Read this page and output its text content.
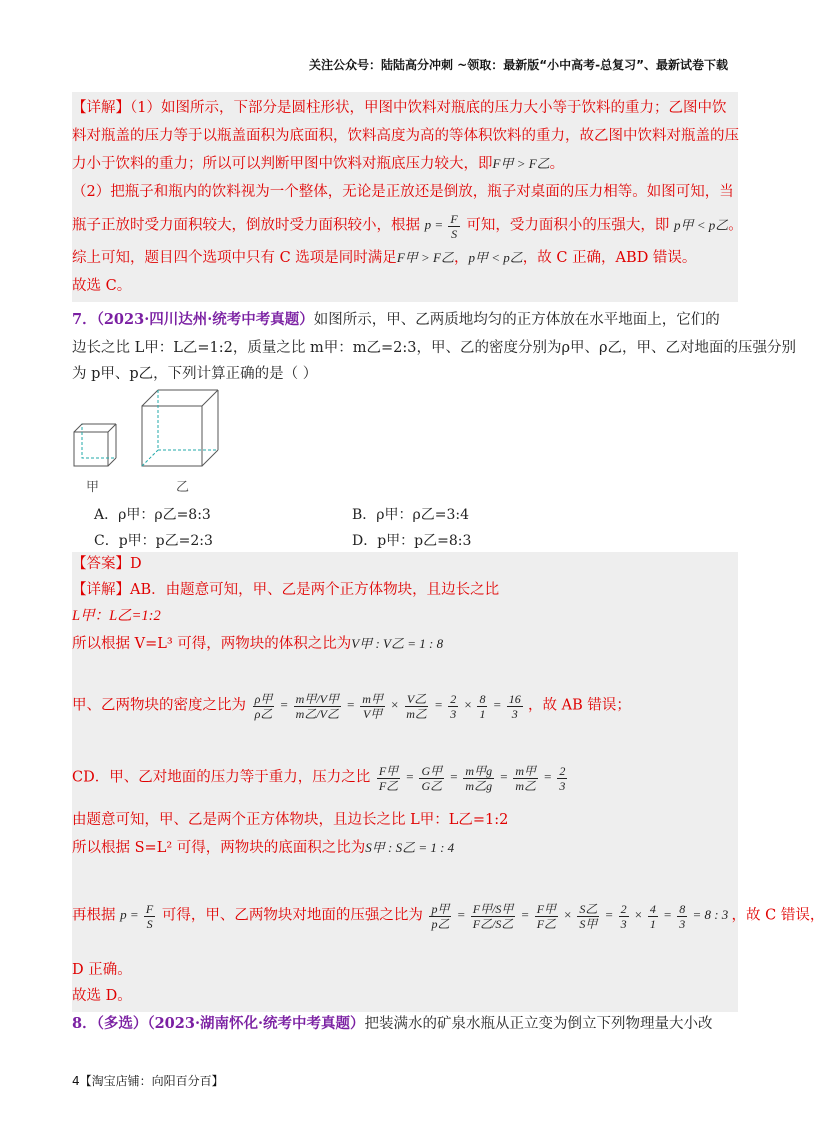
关注公众号：陆陆高分冲刺 ~领取：最新版“小中高考-总复习”、最新试卷下载
【详解】（1）如图所示，下部分是圆柱形状，甲图中饮料对瓶底的压力大小等于饮料的重力；乙图中饮
料对瓶盖的压力等于以瓶盖面积为底面积，饮料高度为高的等体积饮料的重力，故乙图中饮料对瓶盖的压
力小于饮料的重力；所以可以判断甲图中饮料对瓶底压力较大，即F甲 > F乙。
（2）把瓶子和瓶内的饮料视为一个整体，无论是正放还是倒放，瓶子对桌面的压力相等。如图可知，当
瓶子正放时受力面积较大，倒放时受力面积较小，根据 $p = \frac{F}{S}$ 可知，受力面积小的压强大，即 p甲 < p乙。
综上可知，题目四个选项中只有 C 选项是同时满足F甲 > F乙，p甲 < p乙，故 C 正确，ABD 错误。
故选 C。
7．（2023·四川达州·统考中考真题）如图所示，甲、乙两质地均匀的正方体放在水平地面上，它们的
边长之比 L甲：L乙=1:2，质量之比 m甲：m乙=2:3，甲、乙的密度分别为ρ甲、ρ乙，甲、乙对地面的压强分别
为 p甲、p乙，下列计算正确的是（ ）
甲	乙
A．ρ甲：ρ乙=8:3	B．ρ甲：ρ乙=3:4
C．p甲：p乙=2:3	D．p甲：p乙=8:3
【答案】D
【详解】AB．由题意可知，甲、乙是两个正方体物块，且边长之比
L甲：L乙=1:2
所以根据 V=L³ 可得，两物块的体积之比为V甲 : V乙 = 1 : 8
甲、乙两物块的密度之比为 $\frac{\text{ρ甲}}{\text{ρ乙}} = \frac{\text{m甲/V甲}}{\text{m乙/V乙}} = \frac{\text{m甲}}{\text{V甲}} \times \frac{\text{V乙}}{\text{m乙}} = \frac{2}{3} \times \frac{8}{1} = \frac{16}{3}$ ，故 AB 错误；
CD．甲、乙对地面的压力等于重力，压力之比 $\frac{\text{F甲}}{\text{F乙}} = \frac{\text{G甲}}{\text{G乙}} = \frac{\text{m甲g}}{\text{m乙g}} = \frac{\text{m甲}}{\text{m乙}} = \frac{2}{3}$
由题意可知，甲、乙是两个正方体物块，且边长之比 L甲：L乙=1:2
所以根据 S=L² 可得，两物块的底面积之比为S甲 : S乙 = 1 : 4
再根据 $p = \frac{F}{S}$ 可得，甲、乙两物块对地面的压强之比为 $\frac{\text{p甲}}{\text{p乙}} = \frac{\text{F甲/S甲}}{\text{F乙/S乙}} = \frac{\text{F甲}}{\text{F乙}} \times \frac{\text{S乙}}{\text{S甲}} = \frac{2}{3} \times \frac{4}{1} = \frac{8}{3} = 8$ : 3 ，故 C 错误，
D 正确。
故选 D。
8．（多选）（2023·湖南怀化·统考中考真题）把装满水的矿泉水瓶从正立变为倒立下列物理量大小改
4【淘宝店铺：向阳百分百】
